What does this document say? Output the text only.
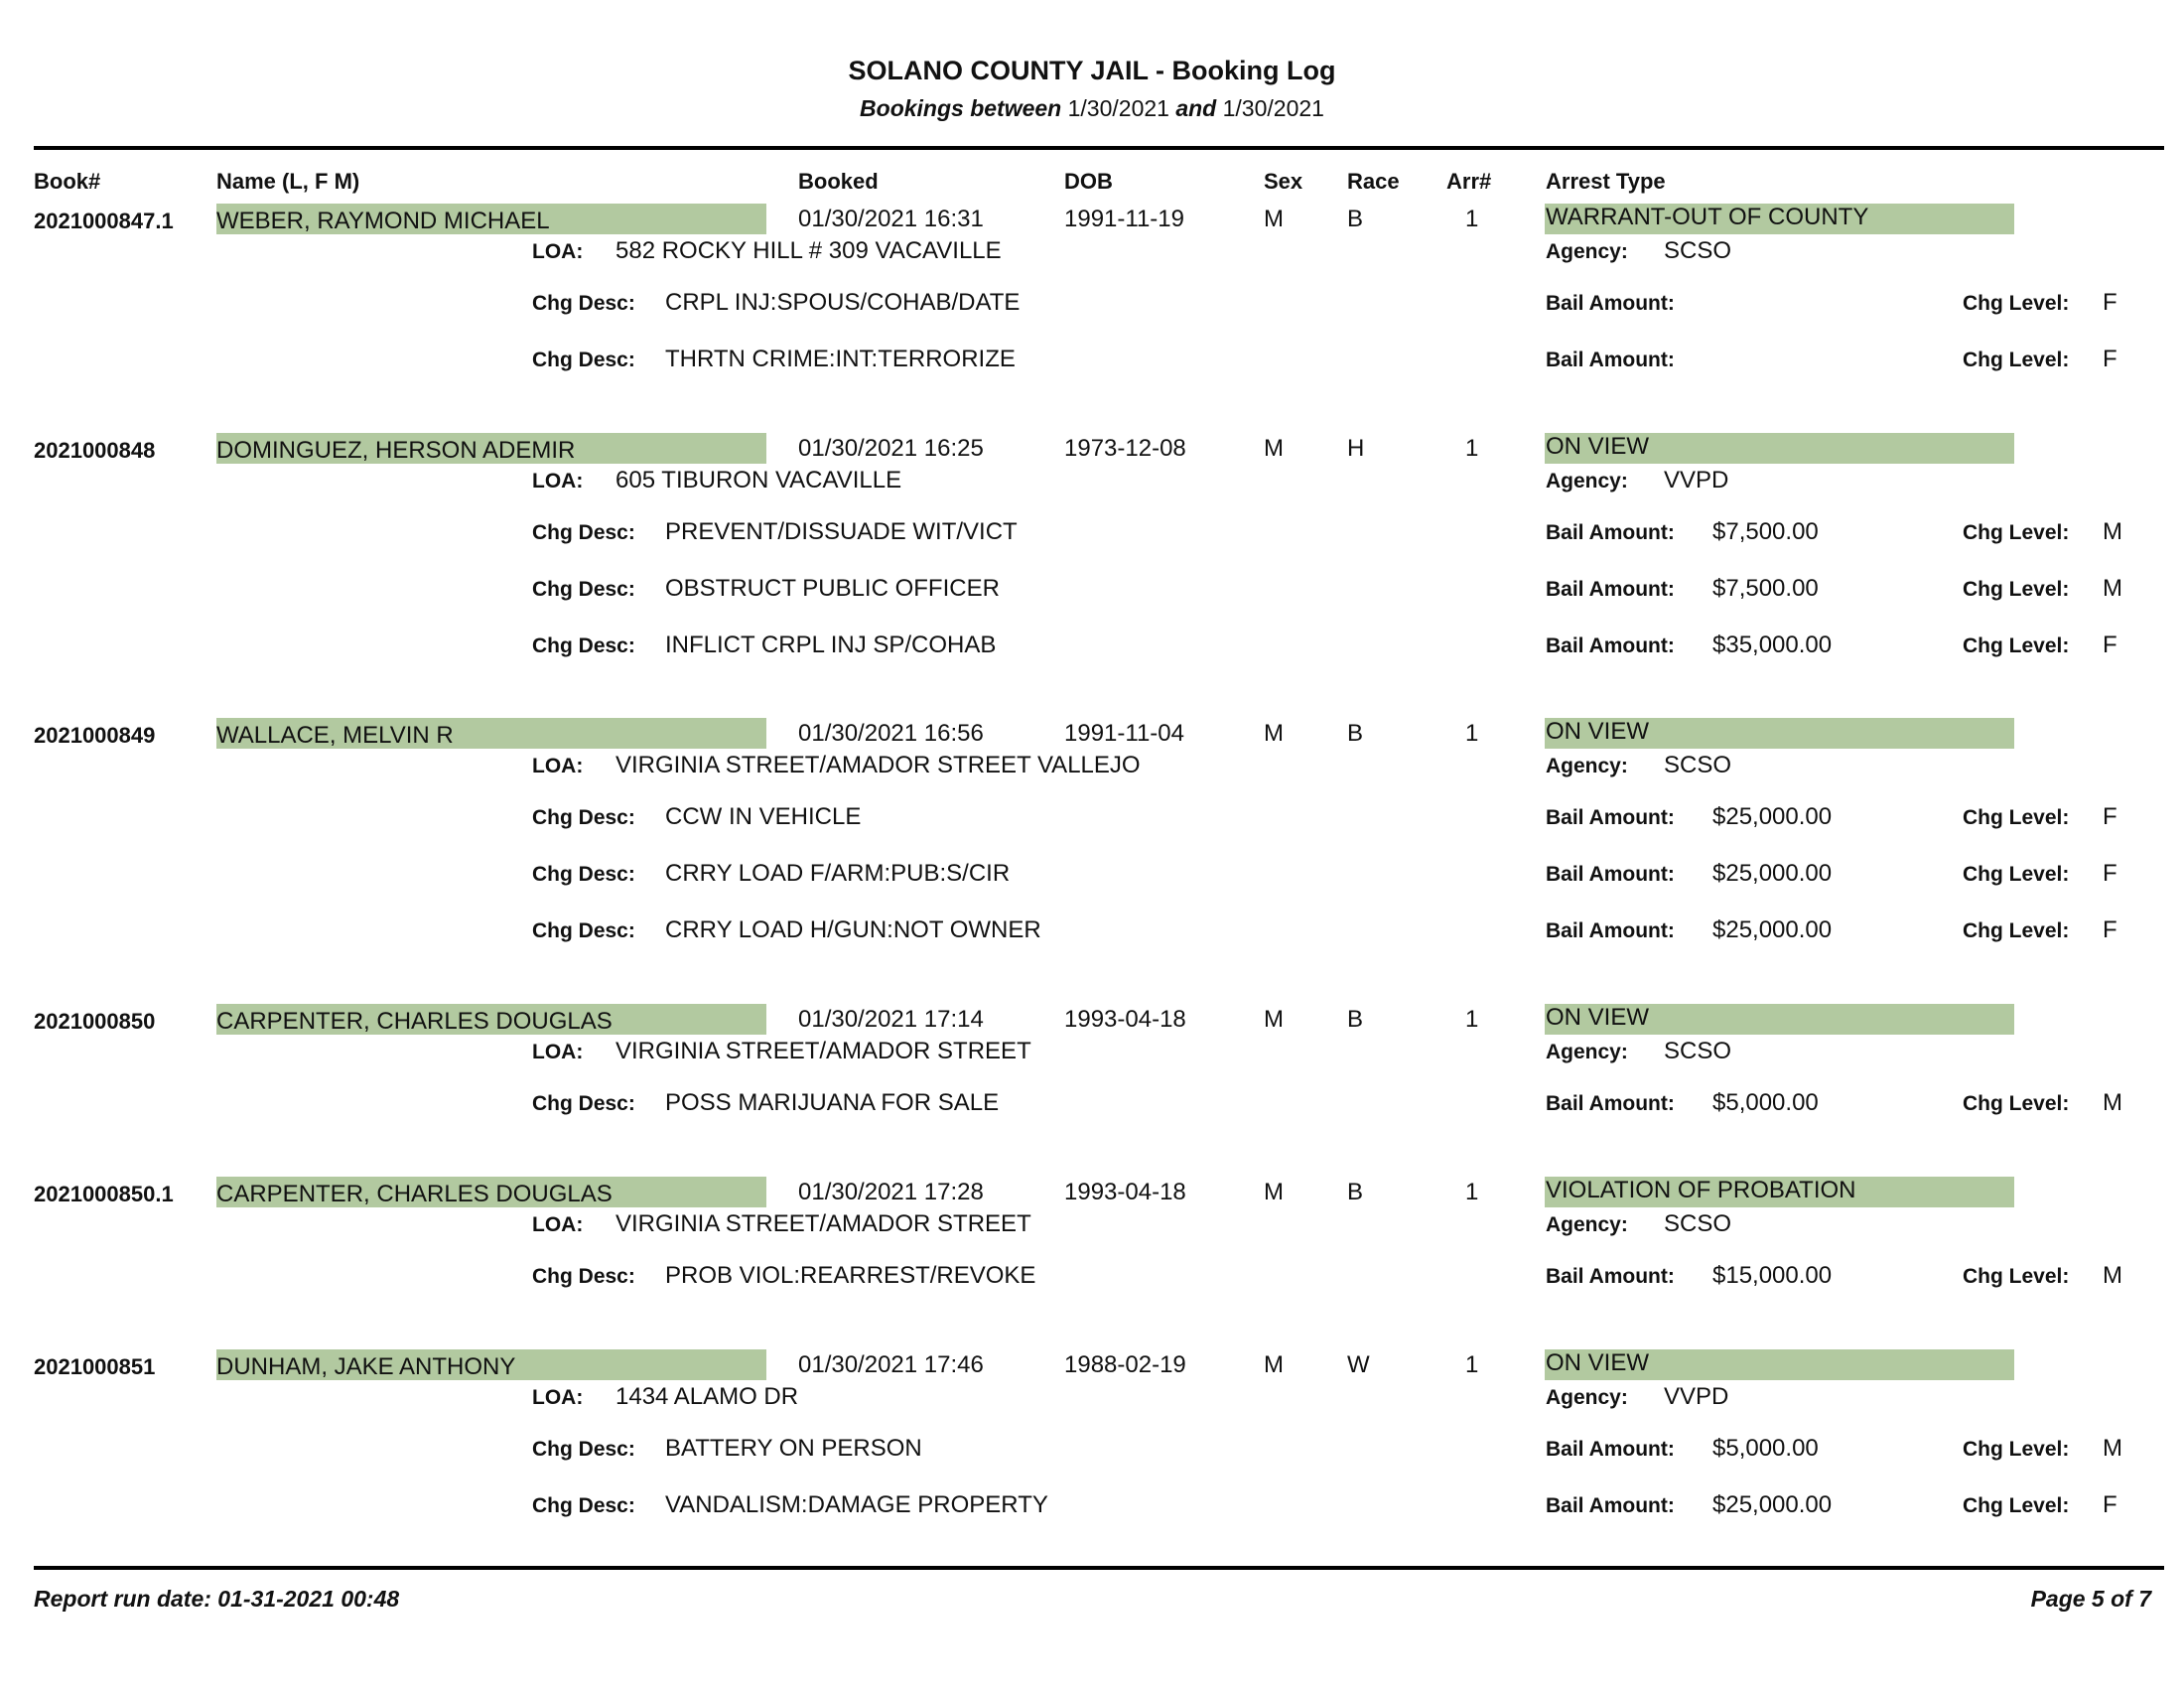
SOLANO COUNTY JAIL - Booking Log
Bookings between 1/30/2021 and 1/30/2021
Book#	Name (L, F M)	Booked	DOB	Sex Race Arr# Arrest Type
2021000847.1 WEBER, RAYMOND MICHAEL	01/30/2021 16:31	1991-11-19	M	B	1	WARRANT-OUT OF COUNTY
LOA: 582 ROCKY HILL # 309 VACAVILLE	Agency: SCSO
Chg Desc: CRPL INJ:SPOUS/COHAB/DATE	Bail Amount:	Chg Level: F
Chg Desc: THRTN CRIME:INT:TERRORIZE	Bail Amount:	Chg Level: F
2021000848	DOMINGUEZ, HERSON ADEMIR	01/30/2021 16:25	1973-12-08	M	H	1	ON VIEW
LOA: 605 TIBURON VACAVILLE	Agency: VVPD
Chg Desc: PREVENT/DISSUADE WIT/VICT	Bail Amount: $7,500.00	Chg Level: M
Chg Desc: OBSTRUCT PUBLIC OFFICER	Bail Amount: $7,500.00	Chg Level: M
Chg Desc: INFLICT CRPL INJ SP/COHAB	Bail Amount: $35,000.00	Chg Level: F
2021000849	WALLACE, MELVIN R	01/30/2021 16:56	1991-11-04	M	B	1	ON VIEW
LOA: VIRGINIA STREET/AMADOR STREET VALLEJO	Agency: SCSO
Chg Desc: CCW IN VEHICLE	Bail Amount: $25,000.00	Chg Level: F
Chg Desc: CRRY LOAD F/ARM:PUB:S/CIR	Bail Amount: $25,000.00	Chg Level: F
Chg Desc: CRRY LOAD H/GUN:NOT OWNER	Bail Amount: $25,000.00	Chg Level: F
2021000850	CARPENTER, CHARLES DOUGLAS	01/30/2021 17:14	1993-04-18	M	B	1	ON VIEW
LOA: VIRGINIA STREET/AMADOR STREET	Agency: SCSO
Chg Desc: POSS MARIJUANA FOR SALE	Bail Amount: $5,000.00	Chg Level: M
2021000850.1 CARPENTER, CHARLES DOUGLAS	01/30/2021 17:28	1993-04-18	M	B	1	VIOLATION OF PROBATION
LOA: VIRGINIA STREET/AMADOR STREET	Agency: SCSO
Chg Desc: PROB VIOL:REARREST/REVOKE	Bail Amount: $15,000.00	Chg Level: M
2021000851	DUNHAM, JAKE ANTHONY	01/30/2021 17:46	1988-02-19	M	W	1	ON VIEW
LOA: 1434 ALAMO DR	Agency: VVPD
Chg Desc: BATTERY ON PERSON	Bail Amount: $5,000.00	Chg Level: M
Chg Desc: VANDALISM:DAMAGE PROPERTY	Bail Amount: $25,000.00	Chg Level: F
Report run date: 01-31-2021 00:48	Page 5 of 7
